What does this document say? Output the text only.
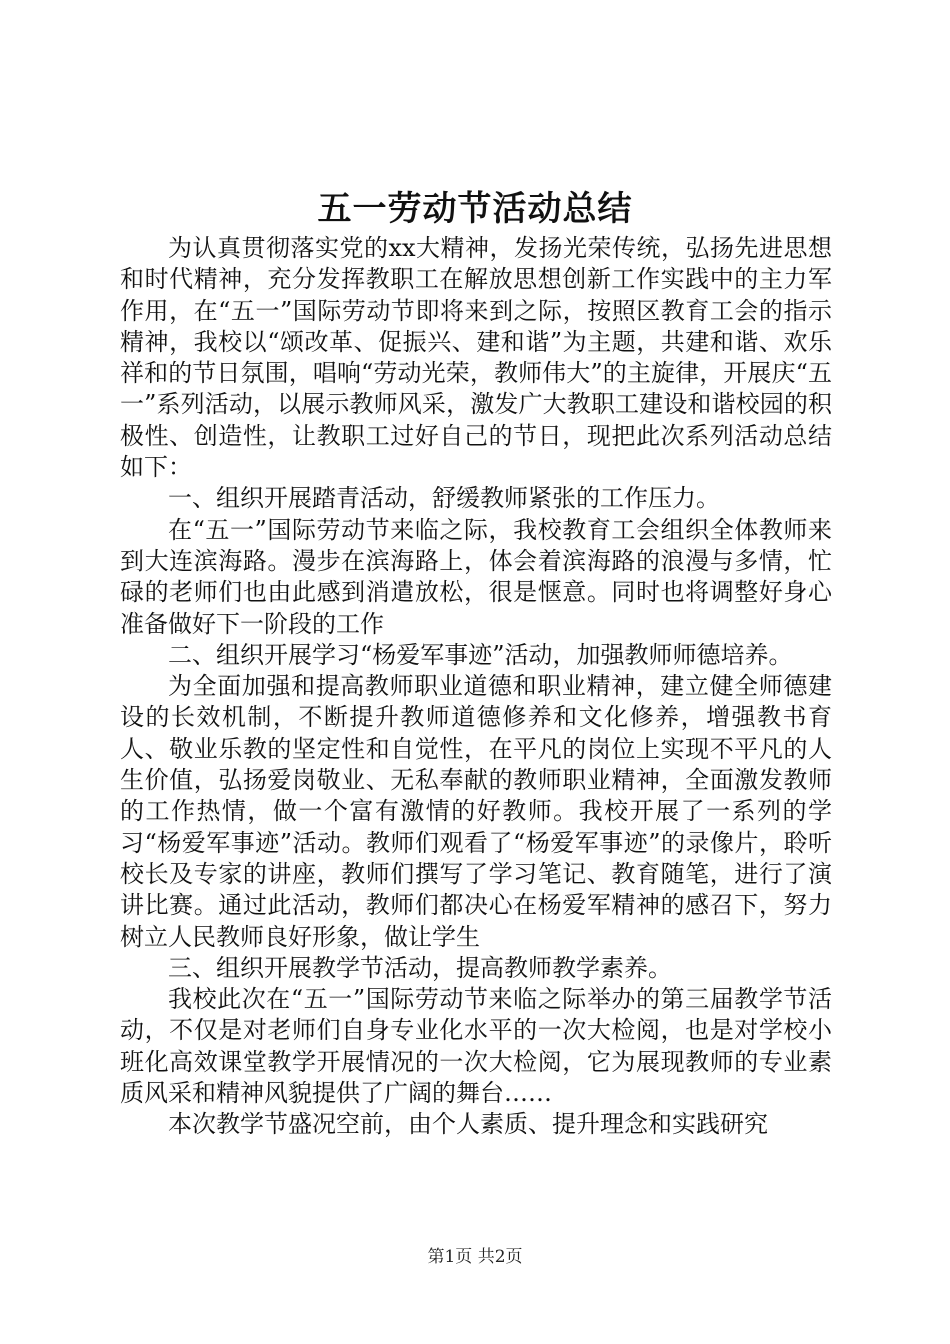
五一劳动节活动总结

为认真贯彻落实党的xx大精神，发扬光荣传统，弘扬先进思想和时代精神，充分发挥教职工在解放思想创新工作实践中的主力军作用，在“五一”国际劳动节即将来到之际，按照区教育工会的指示精神，我校以“颂改革、促振兴、建和谐”为主题，共建和谐、欢乐祥和的节日氛围，唱响“劳动光荣，教师伟大”的主旋律，开展庆“五一”系列活动，以展示教师风采，激发广大教职工建设和谐校园的积极性、创造性，让教职工过好自己的节日，现把此次系列活动总结如下：

一、组织开展踏青活动，舒缓教师紧张的工作压力。

在“五一”国际劳动节来临之际，我校教育工会组织全体教师来到大连滨海路。漫步在滨海路上，体会着滨海路的浪漫与多情，忙碌的老师们也由此感到消遣放松，很是惬意。同时也将调整好身心准备做好下一阶段的工作

二、组织开展学习“杨爱军事迹”活动，加强教师师德培养。

为全面加强和提高教师职业道德和职业精神，建立健全师德建设的长效机制，不断提升教师道德修养和文化修养，增强教书育人、敬业乐教的坚定性和自觉性，在平凡的岗位上实现不平凡的人生价值，弘扬爱岗敬业、无私奉献的教师职业精神，全面激发教师的工作热情，做一个富有激情的好教师。我校开展了一系列的学习“杨爱军事迹”活动。教师们观看了“杨爱军事迹”的录像片，聆听校长及专家的讲座，教师们撰写了学习笔记、教育随笔，进行了演讲比赛。通过此活动，教师们都决心在杨爱军精神的感召下，努力树立人民教师良好形象，做让学生

三、组织开展教学节活动，提高教师教学素养。

我校此次在“五一”国际劳动节来临之际举办的第三届教学节活动，不仅是对老师们自身专业化水平的一次大检阅，也是对学校小班化高效课堂教学开展情况的一次大检阅，它为展现教师的专业素质风采和精神风貌提供了广阔的舞台……

本次教学节盛况空前，由个人素质、提升理念和实践研究

第1页 共2页
